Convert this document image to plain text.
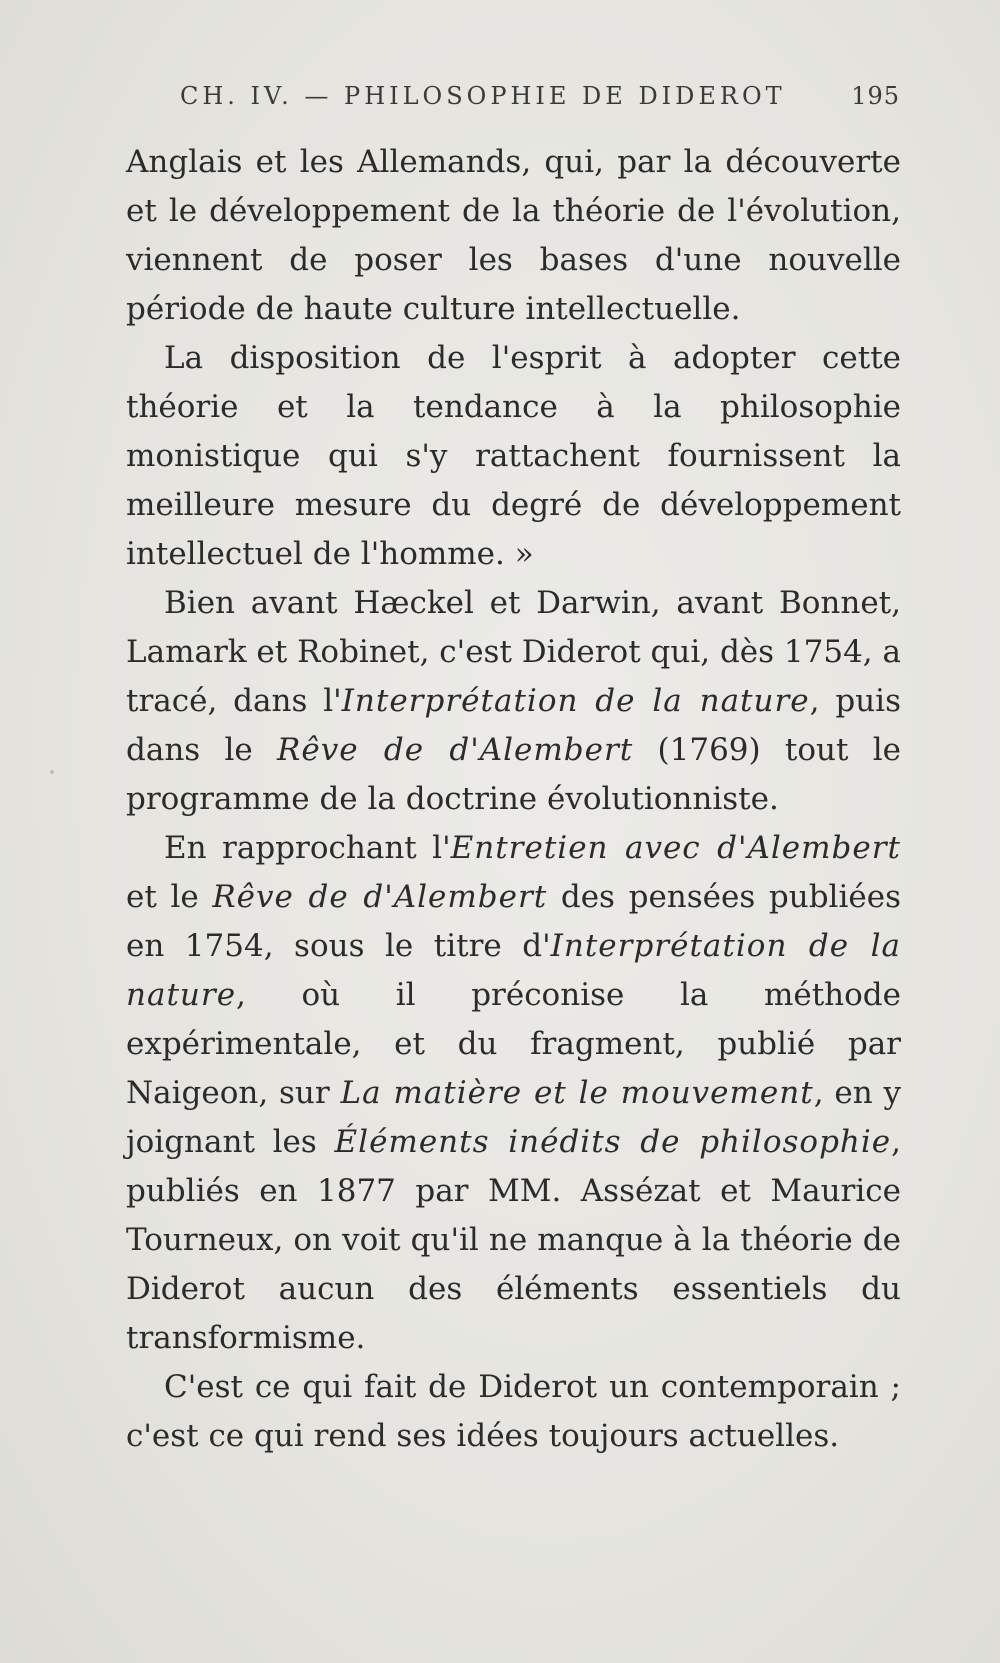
CH. IV. — PHILOSOPHIE DE DIDEROT	195

Anglais et les Allemands, qui, par la découverte et le développement de la théorie de l'évolution, viennent de poser les bases d'une nouvelle période de haute culture intellectuelle.

La disposition de l'esprit à adopter cette théorie et la tendance à la philosophie monistique qui s'y rattachent fournissent la meilleure mesure du degré de développement intellectuel de l'homme. »

Bien avant Hæckel et Darwin, avant Bonnet, Lamark et Robinet, c'est Diderot qui, dès 1754, a tracé, dans l'Interprétation de la nature, puis dans le Rêve de d'Alembert (1769) tout le programme de la doctrine évolutionniste.

En rapprochant l'Entretien avec d'Alembert et le Rêve de d'Alembert des pensées publiées en 1754, sous le titre d'Interprétation de la nature, où il préconise la méthode expérimentale, et du fragment, publié par Naigeon, sur La matière et le mouvement, en y joignant les Éléments inédits de philosophie, publiés en 1877 par MM. Assézat et Maurice Tourneux, on voit qu'il ne manque à la théorie de Diderot aucun des éléments essentiels du transformisme.

C'est ce qui fait de Diderot un contemporain ; c'est ce qui rend ses idées toujours actuelles.
